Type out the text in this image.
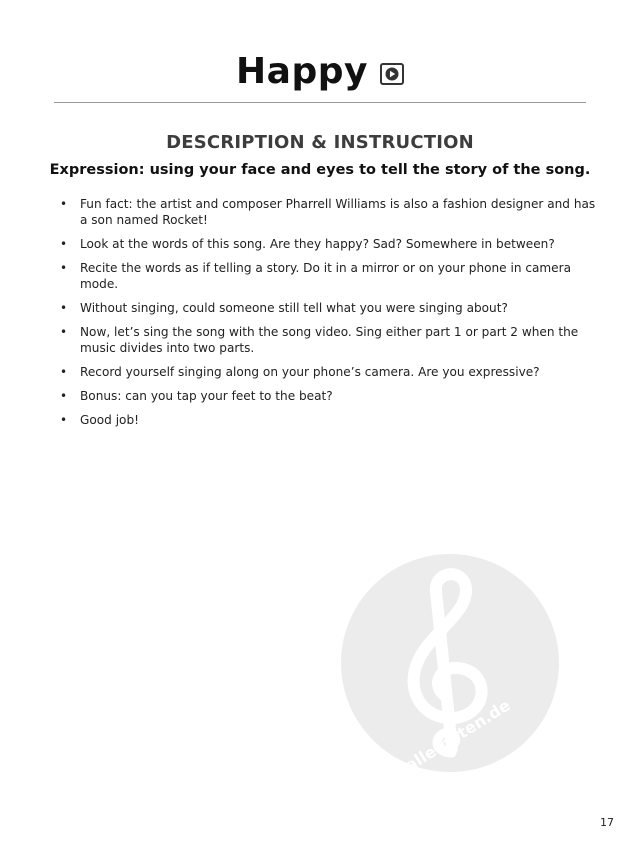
Happy
DESCRIPTION & INSTRUCTION
Expression: using your face and eyes to tell the story of the song.
• Fun fact: the artist and composer Pharrell Williams is also a fashion designer and has a son named Rocket!
• Look at the words of this song. Are they happy? Sad? Somewhere in between?
• Recite the words as if telling a story. Do it in a mirror or on your phone in camera mode.
• Without singing, could someone still tell what you were singing about?
• Now, let’s sing the song with the song video. Sing either part 1 or part 2 when the music divides into two parts.
• Record yourself singing along on your phone’s camera. Are you expressive?
• Bonus: can you tap your feet to the beat?
• Good job!
alle-noten.de
17
